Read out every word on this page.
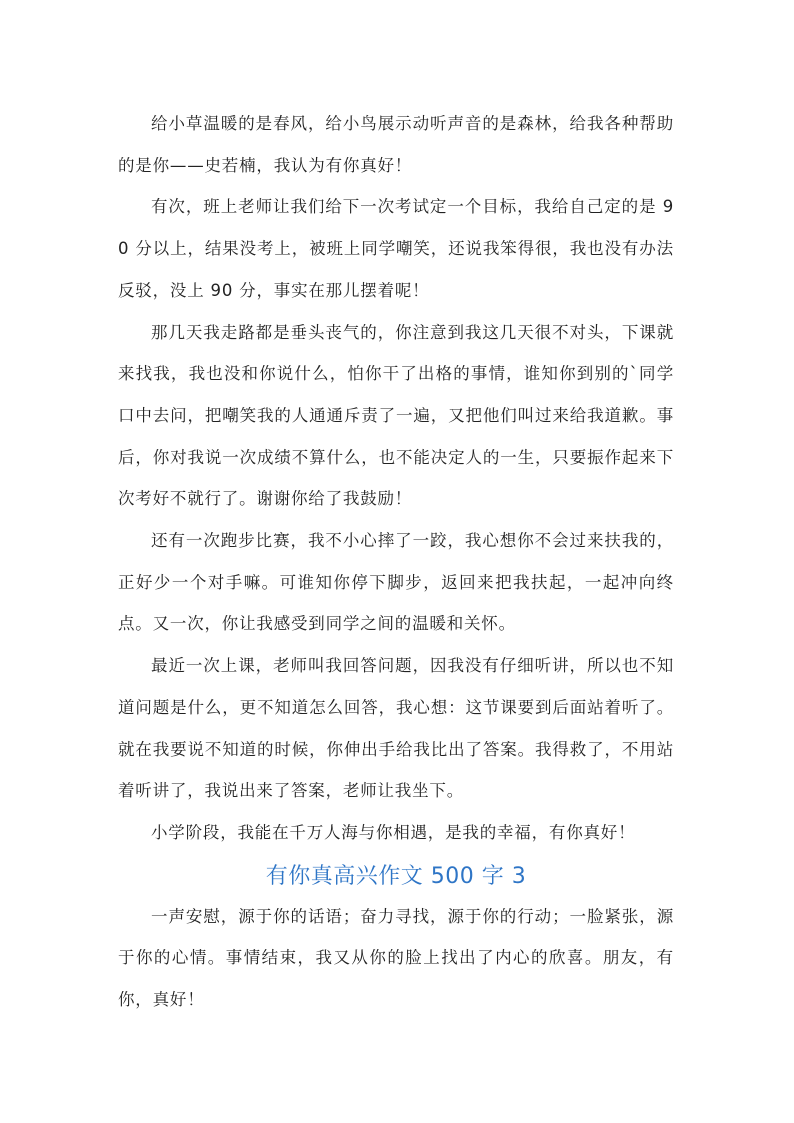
给小草温暖的是春风，给小鸟展示动听声音的是森林，给我各种帮助的是你——史若楠，我认为有你真好！

有次，班上老师让我们给下一次考试定一个目标，我给自己定的是 90 分以上，结果没考上，被班上同学嘲笑，还说我笨得很，我也没有办法反驳，没上 90 分，事实在那儿摆着呢！

那几天我走路都是垂头丧气的，你注意到我这几天很不对头，下课就来找我，我也没和你说什么，怕你干了出格的事情，谁知你到别的`同学口中去问，把嘲笑我的人通通斥责了一遍，又把他们叫过来给我道歉。事后，你对我说一次成绩不算什么，也不能决定人的一生，只要振作起来下次考好不就行了。谢谢你给了我鼓励！

还有一次跑步比赛，我不小心摔了一跤，我心想你不会过来扶我的，正好少一个对手嘛。可谁知你停下脚步，返回来把我扶起，一起冲向终点。又一次，你让我感受到同学之间的温暖和关怀。

最近一次上课，老师叫我回答问题，因我没有仔细听讲，所以也不知道问题是什么，更不知道怎么回答，我心想：这节课要到后面站着听了。就在我要说不知道的时候，你伸出手给我比出了答案。我得救了，不用站着听讲了，我说出来了答案，老师让我坐下。

小学阶段，我能在千万人海与你相遇，是我的幸福，有你真好！

有你真高兴作文 500 字 3

一声安慰，源于你的话语；奋力寻找，源于你的行动；一脸紧张，源于你的心情。事情结束，我又从你的脸上找出了内心的欣喜。朋友，有你，真好！
